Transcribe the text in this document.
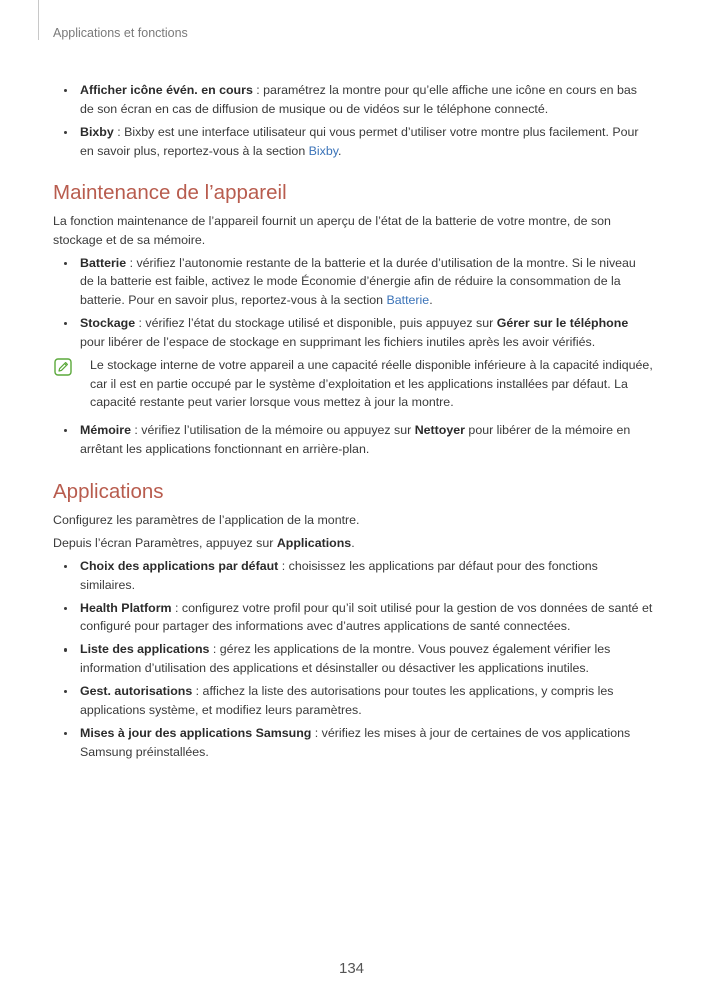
Applications et fonctions
Afficher icône évén. en cours : paramétrez la montre pour qu’elle affiche une icône en cours en bas de son écran en cas de diffusion de musique ou de vidéos sur le téléphone connecté.
Bixby : Bixby est une interface utilisateur qui vous permet d’utiliser votre montre plus facilement. Pour en savoir plus, reportez-vous à la section Bixby.
Maintenance de l’appareil

La fonction maintenance de l’appareil fournit un aperçu de l’état de la batterie de votre montre, de son stockage et de sa mémoire.

Batterie : vérifiez l’autonomie restante de la batterie et la durée d’utilisation de la montre. Si le niveau de la batterie est faible, activez le mode Économie d’énergie afin de réduire la consommation de la batterie. Pour en savoir plus, reportez-vous à la section Batterie.
Stockage : vérifiez l’état du stockage utilisé et disponible, puis appuyez sur Gérer sur le téléphone pour libérer de l’espace de stockage en supprimant les fichiers inutiles après les avoir vérifiés.
Le stockage interne de votre appareil a une capacité réelle disponible inférieure à la capacité indiquée, car il est en partie occupé par le système d’exploitation et les applications installées par défaut. La capacité restante peut varier lorsque vous mettez à jour la montre.
Mémoire : vérifiez l’utilisation de la mémoire ou appuyez sur Nettoyer pour libérer de la mémoire en arrêtant les applications fonctionnant en arrière-plan.
Applications

Configurez les paramètres de l’application de la montre.

Depuis l’écran Paramètres, appuyez sur Applications.

Choix des applications par défaut : choisissez les applications par défaut pour des fonctions similaires.
Health Platform : configurez votre profil pour qu’il soit utilisé pour la gestion de vos données de santé et configuré pour partager des informations avec d’autres applications de santé connectées.
Liste des applications : gérez les applications de la montre. Vous pouvez également vérifier les information d’utilisation des applications et désinstaller ou désactiver les applications inutiles.
Gest. autorisations : affichez la liste des autorisations pour toutes les applications, y compris les applications système, et modifiez leurs paramètres.
Mises à jour des applications Samsung : vérifiez les mises à jour de certaines de vos applications Samsung préinstallées.
134
